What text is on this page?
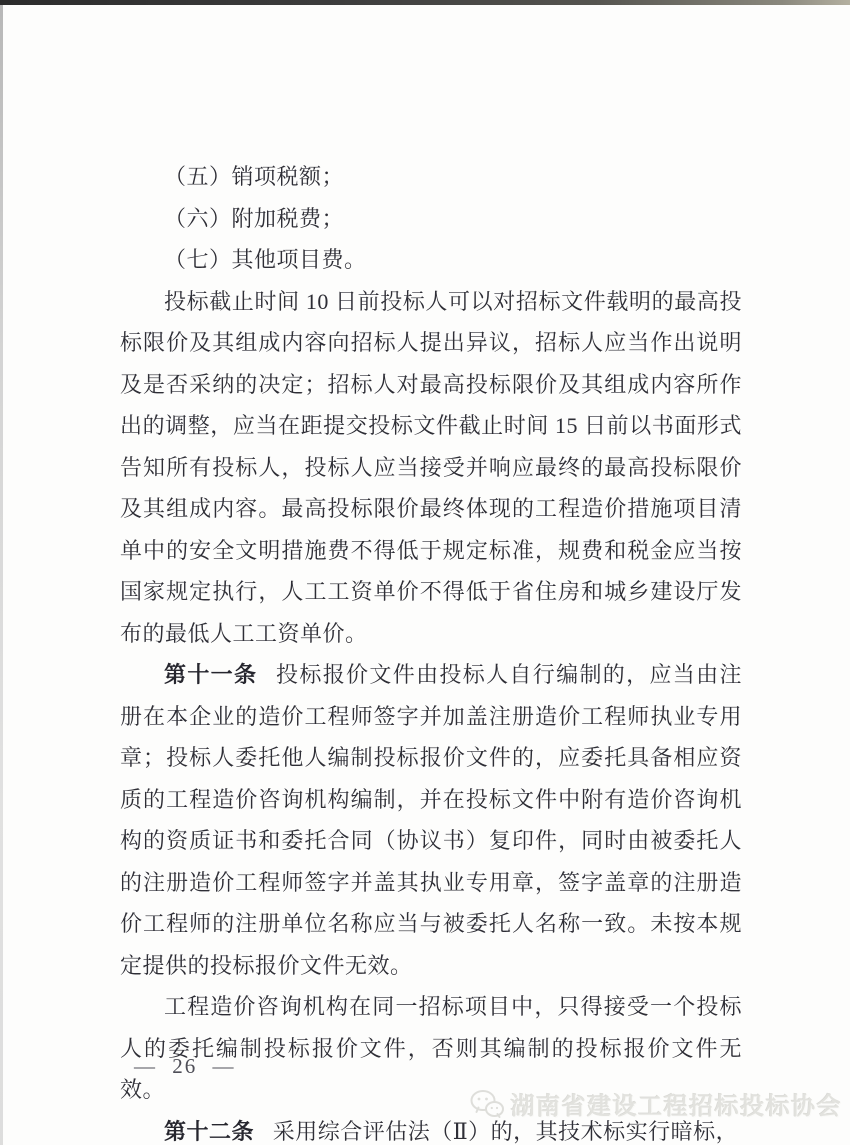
（五）销项税额；

（六）附加税费；

（七）其他项目费。

投标截止时间 10 日前投标人可以对招标文件载明的最高投标限价及其组成内容向招标人提出异议，招标人应当作出说明及是否采纳的决定；招标人对最高投标限价及其组成内容所作出的调整，应当在距提交投标文件截止时间 15 日前以书面形式告知所有投标人，投标人应当接受并响应最终的最高投标限价及其组成内容。最高投标限价最终体现的工程造价措施项目清单中的安全文明措施费不得低于规定标准，规费和税金应当按国家规定执行，人工工资单价不得低于省住房和城乡建设厅发布的最低人工工资单价。

第十一条 投标报价文件由投标人自行编制的，应当由注册在本企业的造价工程师签字并加盖注册造价工程师执业专用章；投标人委托他人编制投标报价文件的，应委托具备相应资质的工程造价咨询机构编制，并在投标文件中附有造价咨询机构的资质证书和委托合同（协议书）复印件，同时由被委托人的注册造价工程师签字并盖其执业专用章，签字盖章的注册造价工程师的注册单位名称应当与被委托人名称一致。未按本规定提供的投标报价文件无效。

工程造价咨询机构在同一招标项目中，只得接受一个投标人的委托编制投标报价文件，否则其编制的投标报价文件无效。

第十二条 采用综合评估法（Ⅱ）的，其技术标实行暗标，

— 26 —
湖南省建设工程招标投标协会
